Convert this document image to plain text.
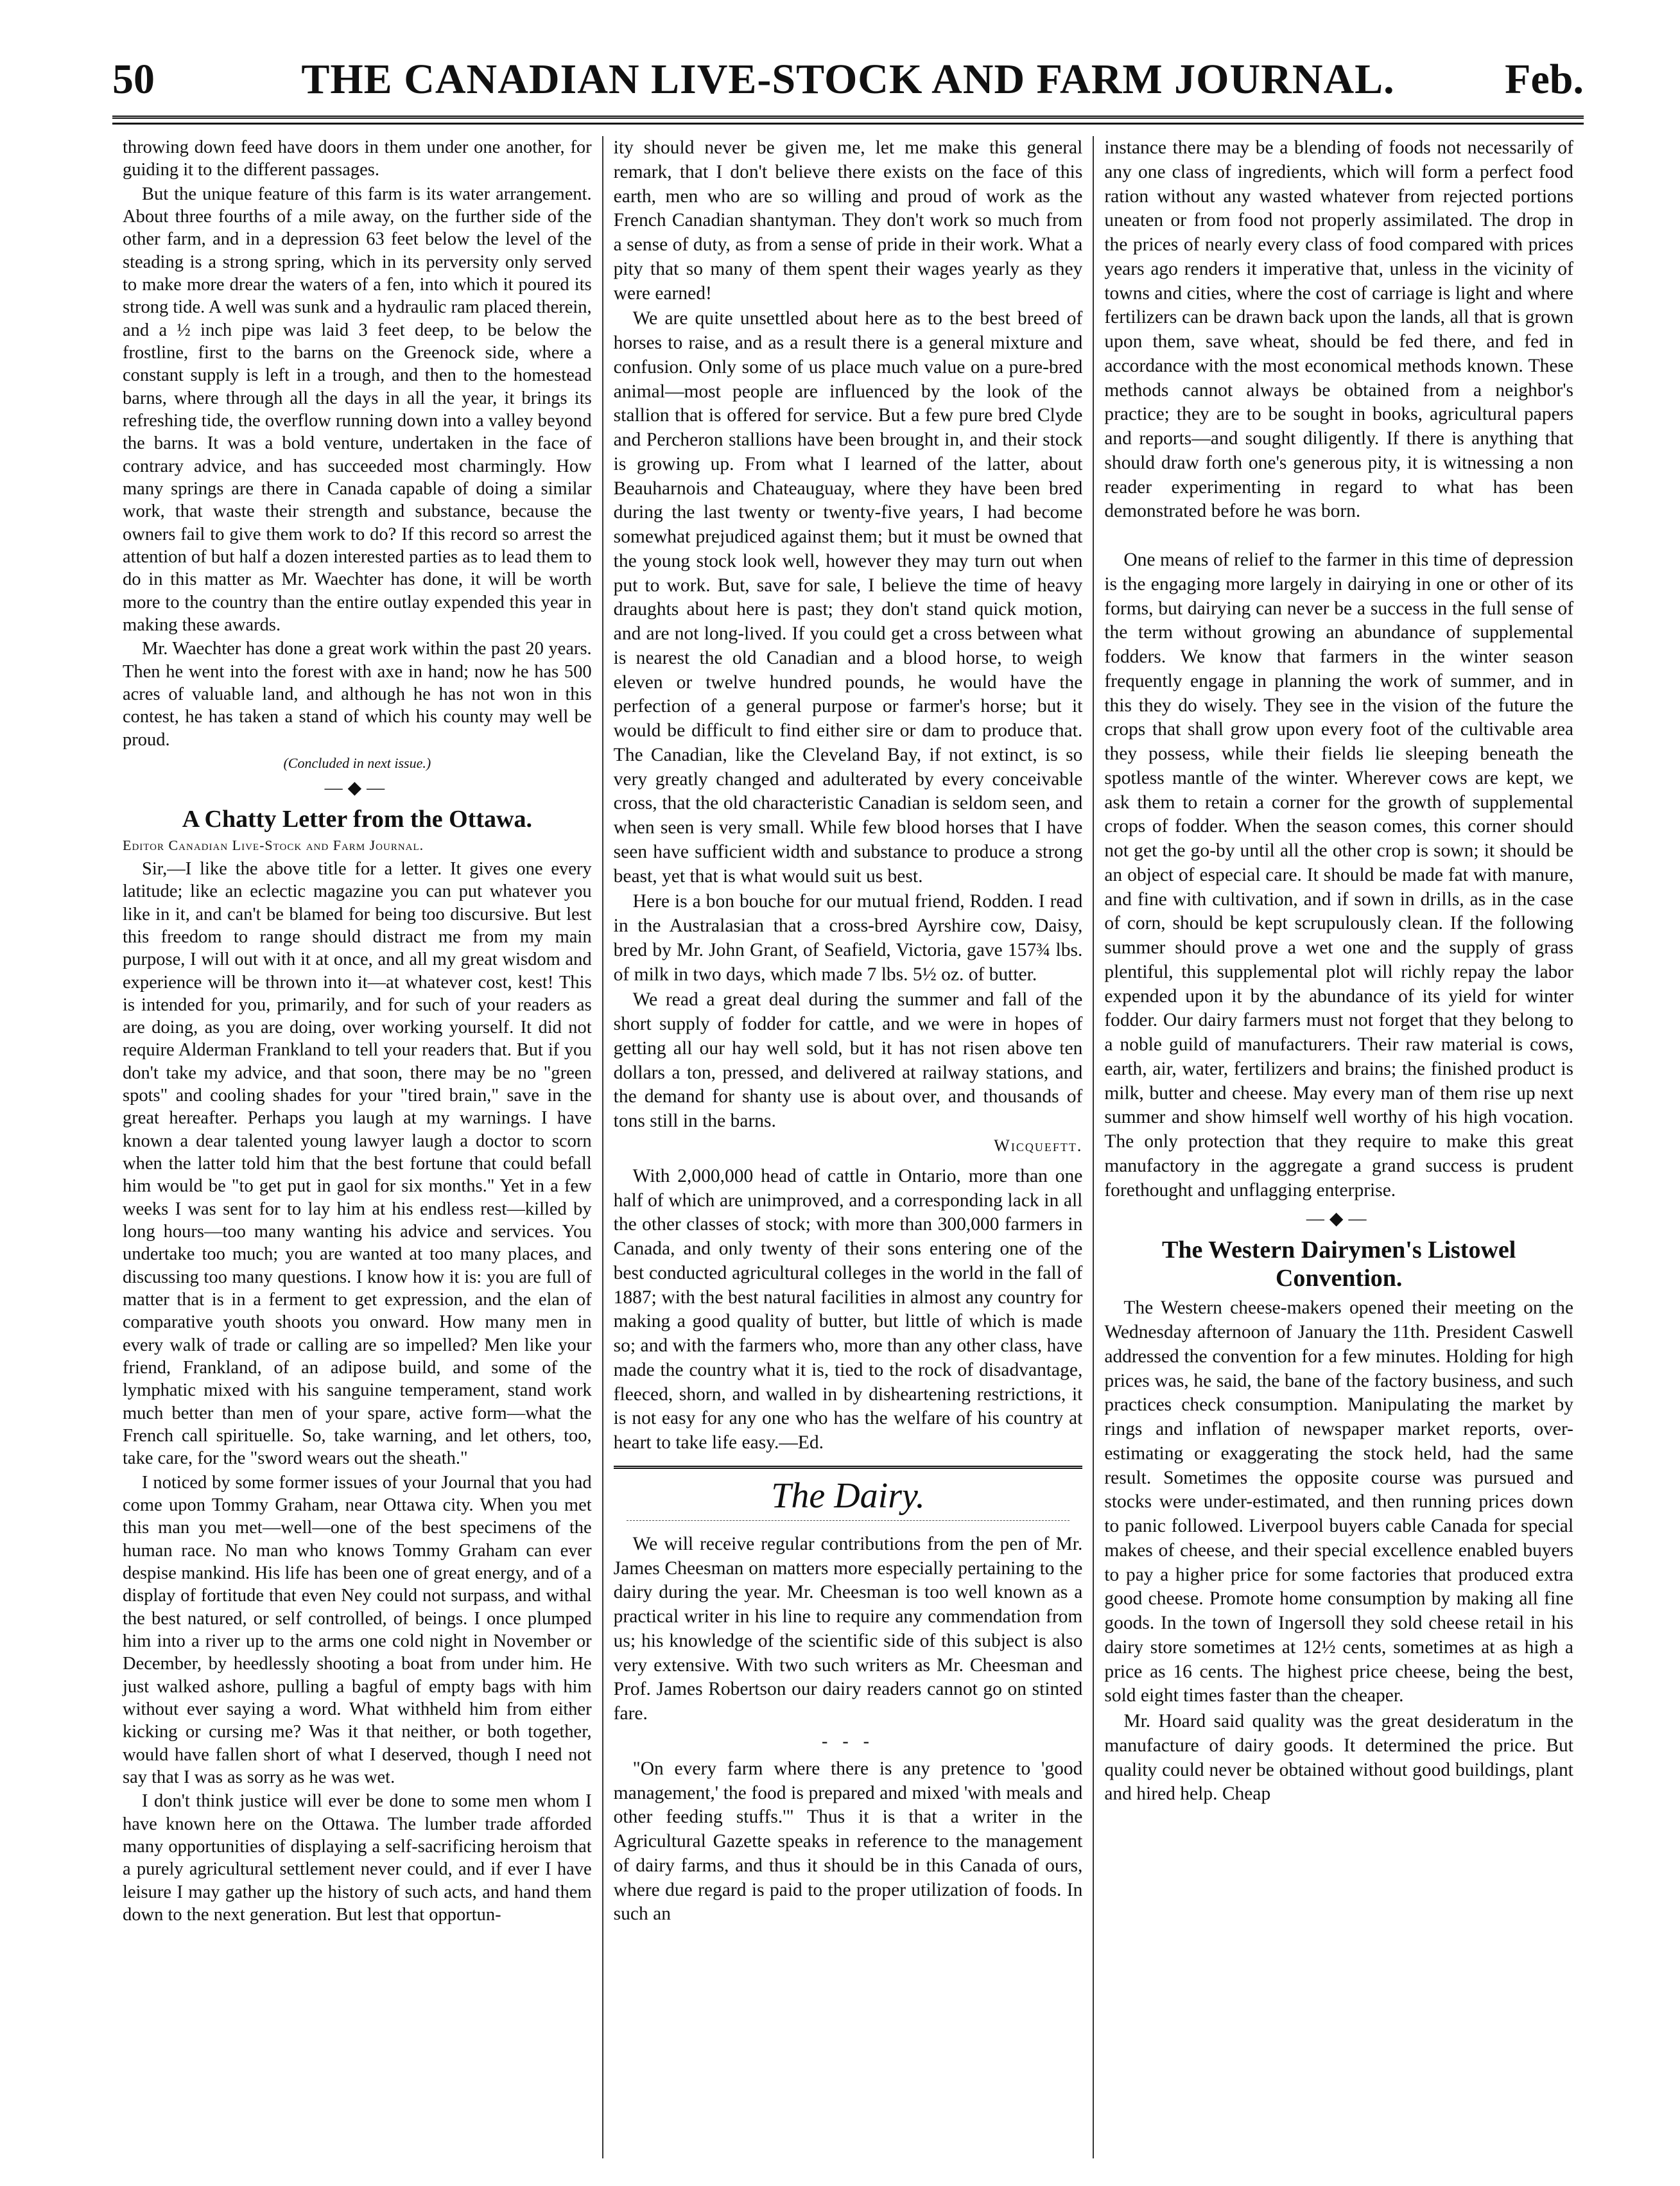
50	THE CANADIAN LIVE-STOCK AND FARM JOURNAL.	Feb.

throwing down feed have doors in them under one another, for guiding it to the different passages.

But the unique feature of this farm is its water arrangement. About three fourths of a mile away, on the further side of the other farm, and in a depression 63 feet below the level of the steading is a strong spring, which in its perversity only served to make more drear the waters of a fen, into which it poured its strong tide. A well was sunk and a hydraulic ram placed therein, and a ½ inch pipe was laid 3 feet deep, to be below the frostline, first to the barns on the Greenock side, where a constant supply is left in a trough, and then to the homestead barns, where through all the days in all the year, it brings its refreshing tide, the overflow running down into a valley beyond the barns. It was a bold venture, undertaken in the face of contrary advice, and has succeeded most charmingly. How many springs are there in Canada capable of doing a similar work, that waste their strength and substance, because the owners fail to give them work to do? If this record so arrest the attention of but half a dozen interested parties as to lead them to do in this matter as Mr. Waechter has done, it will be worth more to the country than the entire outlay expended this year in making these awards.

Mr. Waechter has done a great work within the past 20 years. Then he went into the forest with axe in hand; now he has 500 acres of valuable land, and although he has not won in this contest, he has taken a stand of which his county may well be proud.

(Concluded in next issue.)
—◆—
A Chatty Letter from the Ottawa.
Editor Canadian Live-Stock and Farm Journal.

Sir,—I like the above title for a letter. It gives one every latitude; like an eclectic magazine you can put whatever you like in it, and can't be blamed for being too discursive. But lest this freedom to range should distract me from my main purpose, I will out with it at once, and all my great wisdom and experience will be thrown into it—at whatever cost, kest! This is intended for you, primarily, and for such of your readers as are doing, as you are doing, over working yourself. It did not require Alderman Frankland to tell your readers that. But if you don't take my advice, and that soon, there may be no "green spots" and cooling shades for your "tired brain," save in the great hereafter. Perhaps you laugh at my warnings. I have known a dear talented young lawyer laugh a doctor to scorn when the latter told him that the best fortune that could befall him would be "to get put in gaol for six months." Yet in a few weeks I was sent for to lay him at his endless rest—killed by long hours—too many wanting his advice and services. You undertake too much; you are wanted at too many places, and discussing too many questions. I know how it is: you are full of matter that is in a ferment to get expression, and the elan of comparative youth shoots you onward. How many men in every walk of trade or calling are so impelled? Men like your friend, Frankland, of an adipose build, and some of the lymphatic mixed with his sanguine temperament, stand work much better than men of your spare, active form—what the French call spirituelle. So, take warning, and let others, too, take care, for the "sword wears out the sheath."

I noticed by some former issues of your Journal that you had come upon Tommy Graham, near Ottawa city. When you met this man you met—well—one of the best specimens of the human race. No man who knows Tommy Graham can ever despise mankind. His life has been one of great energy, and of a display of fortitude that even Ney could not surpass, and withal the best natured, or self controlled, of beings. I once plumped him into a river up to the arms one cold night in November or December, by heedlessly shooting a boat from under him. He just walked ashore, pulling a bagful of empty bags with him without ever saying a word. What withheld him from either kicking or cursing me? Was it that neither, or both together, would have fallen short of what I deserved, though I need not say that I was as sorry as he was wet.

I don't think justice will ever be done to some men whom I have known here on the Ottawa. The lumber trade afforded many opportunities of displaying a self-sacrificing heroism that a purely agricultural settlement never could, and if ever I have leisure I may gather up the history of such acts, and hand them down to the next generation. But lest that opportun-

ity should never be given me, let me make this general remark, that I don't believe there exists on the face of this earth, men who are so willing and proud of work as the French Canadian shantyman. They don't work so much from a sense of duty, as from a sense of pride in their work. What a pity that so many of them spent their wages yearly as they were earned!

We are quite unsettled about here as to the best breed of horses to raise, and as a result there is a general mixture and confusion. Only some of us place much value on a pure-bred animal—most people are influenced by the look of the stallion that is offered for service. But a few pure bred Clyde and Percheron stallions have been brought in, and their stock is growing up. From what I learned of the latter, about Beauharnois and Chateauguay, where they have been bred during the last twenty or twenty-five years, I had become somewhat prejudiced against them; but it must be owned that the young stock look well, however they may turn out when put to work. But, save for sale, I believe the time of heavy draughts about here is past; they don't stand quick motion, and are not long-lived. If you could get a cross between what is nearest the old Canadian and a blood horse, to weigh eleven or twelve hundred pounds, he would have the perfection of a general purpose or farmer's horse; but it would be difficult to find either sire or dam to produce that. The Canadian, like the Cleveland Bay, if not extinct, is so very greatly changed and adulterated by every conceivable cross, that the old characteristic Canadian is seldom seen, and when seen is very small. While few blood horses that I have seen have sufficient width and substance to produce a strong beast, yet that is what would suit us best.

Here is a bon bouche for our mutual friend, Rodden. I read in the Australasian that a cross-bred Ayrshire cow, Daisy, bred by Mr. John Grant, of Seafield, Victoria, gave 157¾ lbs. of milk in two days, which made 7 lbs. 5½ oz. of butter.

We read a great deal during the summer and fall of the short supply of fodder for cattle, and we were in hopes of getting all our hay well sold, but it has not risen above ten dollars a ton, pressed, and delivered at railway stations, and the demand for shanty use is about over, and thousands of tons still in the barns.

Wicqueftt.

With 2,000,000 head of cattle in Ontario, more than one half of which are unimproved, and a corresponding lack in all the other classes of stock; with more than 300,000 farmers in Canada, and only twenty of their sons entering one of the best conducted agricultural colleges in the world in the fall of 1887; with the best natural facilities in almost any country for making a good quality of butter, but little of which is made so; and with the farmers who, more than any other class, have made the country what it is, tied to the rock of disadvantage, fleeced, shorn, and walled in by disheartening restrictions, it is not easy for any one who has the welfare of his country at heart to take life easy.—Ed.

The Dairy.

We will receive regular contributions from the pen of Mr. James Cheesman on matters more especially pertaining to the dairy during the year. Mr. Cheesman is too well known as a practical writer in his line to require any commendation from us; his knowledge of the scientific side of this subject is also very extensive. With two such writers as Mr. Cheesman and Prof. James Robertson our dairy readers cannot go on stinted fare.

- - -

"On every farm where there is any pretence to 'good management,' the food is prepared and mixed 'with meals and other feeding stuffs.'" Thus it is that a writer in the Agricultural Gazette speaks in reference to the management of dairy farms, and thus it should be in this Canada of ours, where due regard is paid to the proper utilization of foods. In such an

instance there may be a blending of foods not necessarily of any one class of ingredients, which will form a perfect food ration without any wasted whatever from rejected portions uneaten or from food not properly assimilated. The drop in the prices of nearly every class of food compared with prices years ago renders it imperative that, unless in the vicinity of towns and cities, where the cost of carriage is light and where fertilizers can be drawn back upon the lands, all that is grown upon them, save wheat, should be fed there, and fed in accordance with the most economical methods known. These methods cannot always be obtained from a neighbor's practice; they are to be sought in books, agricultural papers and reports—and sought diligently. If there is anything that should draw forth one's generous pity, it is witnessing a non reader experimenting in regard to what has been demonstrated before he was born.

One means of relief to the farmer in this time of depression is the engaging more largely in dairying in one or other of its forms, but dairying can never be a success in the full sense of the term without growing an abundance of supplemental fodders. We know that farmers in the winter season frequently engage in planning the work of summer, and in this they do wisely. They see in the vision of the future the crops that shall grow upon every foot of the cultivable area they possess, while their fields lie sleeping beneath the spotless mantle of the winter. Wherever cows are kept, we ask them to retain a corner for the growth of supplemental crops of fodder. When the season comes, this corner should not get the go-by until all the other crop is sown; it should be an object of especial care. It should be made fat with manure, and fine with cultivation, and if sown in drills, as in the case of corn, should be kept scrupulously clean. If the following summer should prove a wet one and the supply of grass plentiful, this supplemental plot will richly repay the labor expended upon it by the abundance of its yield for winter fodder. Our dairy farmers must not forget that they belong to a noble guild of manufacturers. Their raw material is cows, earth, air, water, fertilizers and brains; the finished product is milk, butter and cheese. May every man of them rise up next summer and show himself well worthy of his high vocation. The only protection that they require to make this great manufactory in the aggregate a grand success is prudent forethought and unflagging enterprise.

—◆—
The Western Dairymen's Listowel Convention.

The Western cheese-makers opened their meeting on the Wednesday afternoon of January the 11th. President Caswell addressed the convention for a few minutes. Holding for high prices was, he said, the bane of the factory business, and such practices check consumption. Manipulating the market by rings and inflation of newspaper market reports, over-estimating or exaggerating the stock held, had the same result. Sometimes the opposite course was pursued and stocks were under-estimated, and then running prices down to panic followed. Liverpool buyers cable Canada for special makes of cheese, and their special excellence enabled buyers to pay a higher price for some factories that produced extra good cheese. Promote home consumption by making all fine goods. In the town of Ingersoll they sold cheese retail in his dairy store sometimes at 12½ cents, sometimes at as high a price as 16 cents. The highest price cheese, being the best, sold eight times faster than the cheaper.

Mr. Hoard said quality was the great desideratum in the manufacture of dairy goods. It determined the price. But quality could never be obtained without good buildings, plant and hired help. Cheap
